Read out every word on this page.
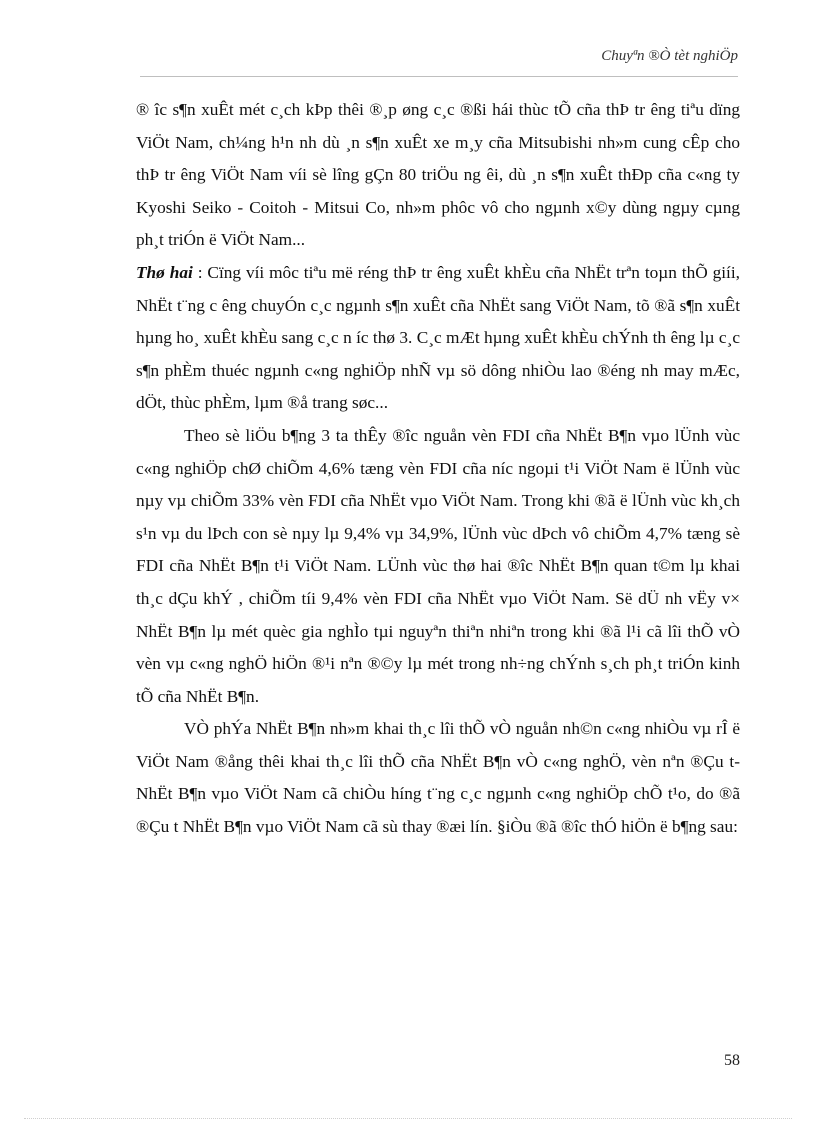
Chuyªn ®Ò tèt nghiÖp

® îc s¶n xuÊt mét c¸ch kÞp thêi ®¸p øng c¸c ®ßi hái thùc tÕ cña thÞ tr êng tiªu dïng ViÖt Nam, ch¼ng h¹n nh dù ¸n s¶n xuÊt xe m¸y cña Mitsubishi nh»m cung cÊp cho thÞ tr êng ViÖt Nam víi sè lîng gÇn 80 triÖu ng êi, dù ¸n s¶n xuÊt thÐp cña c«ng ty Kyoshi Seiko - Coitoh - Mitsui Co, nh»m phôc vô cho ngµnh x©y dùng ngµy cµng ph¸t triÓn ë ViÖt Nam...

Thø hai : Cïng víi môc tiªu më réng thÞ tr êng xuÊt khÈu cña NhËt trªn toµn thÕ giíi, NhËt t¨ng c êng chuyÓn c¸c ngµnh s¶n xuÊt cña NhËt sang ViÖt Nam, tõ ®ã s¶n xuÊt hµng ho¸ xuÊt khÈu sang c¸c n íc thø 3. C¸c mÆt hµng xuÊt khÈu chÝnh th êng lµ c¸c s¶n phÈm thuéc ngµnh c«ng nghiÖp nhÑ vµ sö dông nhiÒu lao ®éng nh may mÆc, dÖt, thùc phÈm, lµm ®å trang søc...

Theo sè liÖu b¶ng 3 ta thÊy ®îc nguån vèn FDI cña NhËt B¶n vµo lÜnh vùc c«ng nghiÖp chØ chiÕm 4,6% tæng vèn FDI cña níc ngoµi t¹i ViÖt Nam ë lÜnh vùc nµy vµ chiÕm 33% vèn FDI cña NhËt vµo ViÖt Nam. Trong khi ®ã ë lÜnh vùc kh¸ch s¹n vµ du lÞch con sè nµy lµ 9,4% vµ 34,9%, lÜnh vùc dÞch vô chiÕm 4,7% tæng sè FDI cña NhËt B¶n t¹i ViÖt Nam. LÜnh vùc thø hai ®îc NhËt B¶n quan t©m lµ khai th¸c dÇu khÝ , chiÕm tíi 9,4% vèn FDI cña NhËt vµo ViÖt Nam. Së dÜ nh vËy v× NhËt B¶n lµ mét quèc gia nghÌo tµi nguyªn thiªn nhiªn trong khi ®ã l¹i cã lîi thÕ vÒ vèn vµ c«ng nghÖ hiÖn ®¹i nªn ®©y lµ mét trong nh÷ng chÝnh s¸ch ph¸t triÓn kinh tÕ cña NhËt B¶n.

VÒ phÝa NhËt B¶n nh»m khai th¸c lîi thÕ vÒ nguån nh©n c«ng nhiÒu vµ rÎ ë ViÖt Nam ®ång thêi khai th¸c lîi thÕ cña NhËt B¶n vÒ c«ng nghÖ, vèn nªn ®Çu t NhËt B¶n vµo ViÖt Nam cã chiÒu híng t¨ng c¸c ngµnh c«ng nghiÖp chÕ t¹o, do ®ã ®Çu t NhËt B¶n vµo ViÖt Nam cã sù thay ®æi lín. §iÒu ®ã ®îc thÓ hiÖn ë b¶ng sau:

58
